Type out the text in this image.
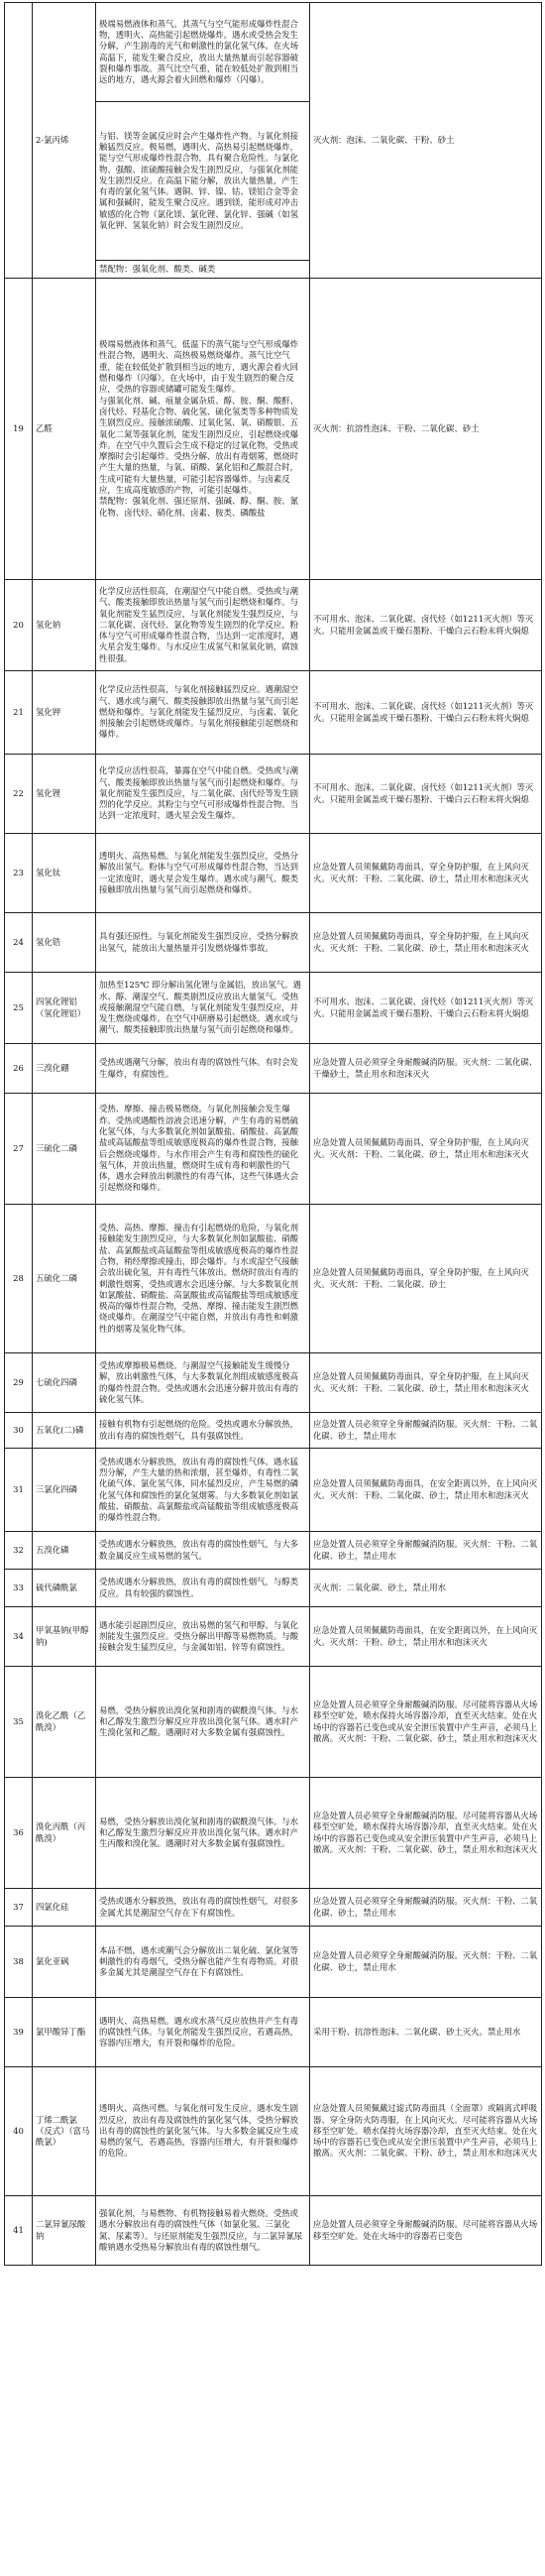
	2-氯丙烯	极端易燃液体和蒸气。其蒸气与空气能形成爆炸性混合物，透明火、高热能引起燃烧爆炸。遇水或受热会发生分解，产生剧毒的光气和刺激性的氯化氢气体。在火场高温下，能发生聚合反应，放出大量热量而引起容器破裂和爆炸事故。蒸气比空气重，能在较低处扩散到相当远的地方，遇火源会着火回燃和爆炸（闪爆）。	灭火剂：泡沫、二氧化碳、干粉、砂土
		与铝、镁等金属反应时会产生爆炸性产物。与氧化剂接触猛烈反应。极易燃，遇明火、高热易引起燃烧爆炸，能与空气形成爆炸性混合物，具有聚合危险性。与氯化物、强酸、浓硫酸接触会发生剧烈反应，与强氧化剂能发生剧烈反应。在高温下能分解，放出大量热量，产生有毒的氯化氢气体。遇铜、锌、镍、钴、镁铝合金等金属和强碱时，能发生聚合反应。遇到镁，能形成对冲击敏感的化合物（氯化镁、氯化锂、氯化锌、强碱（如氢氧化钾、氢氧化钠）时会发生剧烈反应。	
		禁配物：强氧化剂、酸类、碱类	
19	乙醛	极端易燃液体和蒸气。低温下的蒸气能与空气形成爆炸性混合物，遇明火、高热极易燃烧爆炸。蒸气比空气重，能在较低处扩散到相当远的地方，遇火源会着火回燃和爆炸（闪爆）。在火场中，由于发生剧烈的聚合反应，受热的容器或储罐可能发生爆炸。
与强氧化剂、碱、痕量金属杂质、醇、胺、酮、酸酐、卤代烃、羟基化合物、硫化氢、硫化氢类等多种物质发生剧烈反应。接触浓硫酸、过氧化氢、氧、硝酸银、五氧化二氮等强氧化剂，能发生剧烈反应，引起燃烧或爆炸。在空气中久置后会生成不稳定的过氧化物，受热或摩擦时会引起爆炸。受热分解、放出有毒烟雾，燃烧时产生大量的热量，与氧、硝酸、氯化铝和乙酸混合时，生成可能有大量热量，可能引起容器爆炸。与卤素反应，生成高度敏感的产物，可能引起爆炸。
禁配物：强氧化剂、强还原剂、强碱、醇、酮、胺、氰化物、卤代烃、硝化剂、卤素、胺类、磷酸盐	灭火剂：抗溶性泡沫、干粉、二氧化碳、砂土
20	氢化钠	化学反应活性很高，在潮湿空气中能自燃。受热或与潮气、酸类接触即放出热量与氢气而引起燃烧和爆炸。与氧化剂能发生猛烈反应，与氧化剂能发生强烈反应，与二氧化碳、卤代烃、氯化物等发生剧烈的化学反应。粉体与空气可形成爆炸性混合物，当达到一定浓度时，遇火星会发生爆炸。与水反应生成氢气和氢氧化钠，腐蚀性很强。	不可用水、泡沫、二氧化碳、卤代烃（如1211灭火剂）等灭火。只能用金属盖或干燥石墨粉、干燥白云石粉末将火焖熄
21	氢化钾	化学反应活性很高，与氧化剂接触猛烈反应。遇潮湿空气、遇水或与潮气、酸类接触即放出热量与氢气而引起燃烧和爆炸。与氧化剂能发生猛烈反应，与卤素、氧化剂接触会引起燃烧或爆炸。与氧化剂接触能引起燃烧和爆炸。	不可用水、泡沫、二氧化碳、卤代烃（如1211灭火剂）等灭火。只能用金属盖或干燥石墨粉、干燥白云石粉末将火焖熄
22	氢化锂	化学反应活性很高，暴露在空气中能自燃。受热或与潮气、酸类接触即放出热量与氢气而引起燃烧和爆炸。与氧化剂能发生强烈反应，与二氧化碳、卤代烃等发生剧烈的化学反应。其粉尘与空气可形成爆炸性混合物。当达到一定浓度时，遇火星会发生爆炸。	不可用水、泡沫、二氧化碳、卤代烃（如1211灭火剂）等灭火。只能用金属盖或干燥石墨粉、干燥白云石粉末将火焖熄
23	氢化钛	透明火、高热易燃。与氧化剂能发生强烈反应，受热分解放出氢气。粉体与空气可形成爆炸性混合物，当达到一定浓度时，遇火星会发生爆炸。遇水或与潮气、酸类接触即放出热量与氢气而引起燃烧和爆炸。	应急处置人员须佩戴防毒面具，穿全身防护服，在上风向灭火。灭火剂：干粉、二氧化碳、砂土，禁止用水和泡沫灭火
24	氢化锆	具有强还原性。与氧化剂能发生强烈反应，受热分解放出氢气，能放出大量热量并引发燃烧爆炸事故。	应急处置人员须佩戴防毒面具，穿全身防护服，在上风向灭火。灭火剂：干粉、二氧化碳、砂土，禁止用水和泡沫灭火
25	四氢化锂铝（氢化锂铝）	加热至125℃ 即分解出氢化锂与金属铝，放出氢气。遇水、醇、潮湿空气、酸类剧烈反应放出大量氢气。受热或接触潮湿空气能自燃，与氧化剂能发生强烈反应，并发生燃烧或爆炸。在空气中研磨易引起燃烧。遇水或与潮气、酸类接触即放出热量与氢气而引起燃烧和爆炸。	不可用水、泡沫、二氧化碳、卤代烃（如1211灭火剂）等灭火。只能用金属盖或干燥石墨粉、干燥白云石粉末将火焖熄
26	三溴化硼	受热或遇潮气分解，放出有毒的腐蚀性气体。有时会发生爆炸，有腐蚀性。	应急处置人员必须穿全身耐酸碱消防服。灭火剂：二氧化碳、干燥砂土，禁止用水和泡沫灭火
27	三硫化二磷	受热、摩擦、撞击极易燃烧。与氧化剂接触会发生爆炸。受热或遇酸性溶液会迅速分解，产生有毒的易燃硫化氢气体，与大多数氧化剂如氯酸盐、硝酸盐、高氯酸盐或高锰酸盐等组成敏感度极高的爆炸性混合物，接触后会燃烧或爆炸。与水作用会产生有毒和腐蚀性的硫化氢气体，并放出热量，燃烧时生成有毒和刺激性的气体，遇水会释放出刺激性的有毒气体，这些气体遇火会引起燃烧和爆炸。	应急处置人员须佩戴防毒面具，穿全身防护服，在上风向灭火。灭火剂：干粉、二氧化碳、砂土，禁止用水和泡沫灭火
28	五硫化二磷	受热、高热、摩擦、撞击有引起燃烧的危险，与氧化剂接触能发生剧烈反应，与大多数氧化剂如氯酸盐、硝酸盐、高氯酸盐或高锰酸盐等组成敏感度极高的爆炸性混合物，稍经摩擦或撞击，即会爆炸。与水或湿空气接触会放出硫化氢，并有毒性气体放出。燃烧时放出有毒的刺激性烟雾，受热或遇水会迅速分解。与大多数氧化剂如氯酸盐、硝酸盐、高氯酸盐或高锰酸盐等组成敏感度极高的爆炸性混合物，受热、摩擦、撞击能发生剧烈燃烧或爆炸。在潮湿空气中能自燃，并放出有毒性和刺激性的烟雾及氢化物气体。	应急处置人员须佩戴防毒面具，穿全身防护服，在上风向灭火。灭火剂：干粉、二氧化碳、砂土
29	七硫化四磷	受热或摩擦极易燃烧。与潮湿空气接触能发生缓慢分解，放出刺激性气体，与大多数氧化剂组成敏感度极高的爆炸性混合物。受热或遇水会迅速分解并放出有毒的硫化氢气体。	应急处置人员须佩戴防毒面具，穿全身防护服，在上风向灭火。灭火剂：干粉、二氧化碳、砂土，禁止用水和泡沫灭火
30	五氧化(二)磷	接触有机物有引起燃烧的危险。受热或遇水分解放热，放出有毒的腐蚀性烟气，具有强腐蚀性。	应急处置人员必须穿全身耐酸碱消防服。灭火剂：干粉、二氧化碳、砂土，禁止用水
31	三氯化四磷	受热或遇水分解放热，放出有毒的腐蚀性气体。遇水猛烈分解，产生大量的热和浓烟，甚至爆炸，有毒性二氧化硫气体、氯化氢气体，同水猛烈反应，产生易燃的磷化氢气体和腐蚀性的氯化氢烟雾。与大多数氧化剂如氯酸盐、硝酸盐、高氯酸盐或高锰酸盐等组成敏感度极高的爆炸性混合物。	应急处置人员须佩戴防毒面具，在安全距离以外，在上风向灭火。灭火剂：干粉、二氧化碳、砂土，禁止用水和泡沫灭火
32	五溴化磷	受热或遇水分解放热，放出有毒的腐蚀性烟气，与大多数金属反应生成易燃的氢气。	应急处置人员必须穿全身耐酸碱消防服。灭火剂：干粉、二氧化碳、砂土，禁止用水
33	硫代磷酰氯	受热或遇水分解放热，放出有毒的腐蚀性烟气，与醇类反应。具有较强的腐蚀性。	灭火剂：二氧化碳、砂土，禁止用水
34	甲氧基钠(甲醇钠)	遇水能引起剧烈反应，放出易燃的氢气和甲醇。与氧化剂能发生强烈反应。受热分解出甲醇等易燃物质。与酸接触会发生猛烈反应，与金属如铝、锌等有腐蚀性。	应急处置人员须佩戴防毒面具，在安全距离以外，在上风向灭火。灭火剂：干粉、砂土，禁止用水和泡沫灭火
35	溴化乙酰（乙酰溴）	易燃，受热分解放出溴化氢和剧毒的碳酰溴气体。与水和乙醇发生激烈分解反应并放出溴化氢气体。遇水时产生溴化氢和乙酸。遇潮时对大多数金属有强腐蚀性。	应急处置人员必须穿全身耐酸碱消防服。尽可能将容器从火场移至空旷处，喷水保持火场容器冷却，直至灭火结束。处在火场中的容器若已变色或从安全泄压装置中产生声音，必须马上撤离。灭火剂：干粉、二氧化碳、砂土，禁止用水和泡沫灭火
36	溴化丙酰（丙酰溴）	易燃，受热分解放出溴化氢和剧毒的碳酰溴气体。与水和乙醇发生激烈分解反应并放出溴化氢气体。遇水时产生丙酸和溴化氢。遇潮时对大多数金属有强腐蚀性。	应急处置人员必须穿全身耐酸碱消防服。尽可能将容器从火场移至空旷处，喷水保持火场容器冷却，直至灭火结束。处在火场中的容器若已变色或从安全泄压装置中产生声音，必须马上撤离。灭火剂：干粉、二氧化碳、砂土，禁止用水和泡沫灭火
37	四氯化硅	受热或遇水分解放热，放出有毒的腐蚀性烟气，对很多金属尤其是潮湿空气存在下有腐蚀性。	应急处置人员必须穿全身耐酸碱消防服。灭火剂：干粉、二氧化碳、砂土，禁止用水
38	氯化亚砜	本品不燃，遇水或潮气会分解放出二氧化硫、氯化氢等刺激性的有毒烟气，受热分解也能产生有毒物质。对很多金属尤其是潮湿空气存在下有腐蚀性。	应急处置人员必须穿全身耐酸碱消防服。灭火剂：干粉、二氧化碳、砂土，禁止用水
39	氯甲酸异丁酯	遇明火、高热易燃。遇水或水蒸气反应放热并产生有毒的腐蚀性气体。与氧化剂能发生强烈反应，若遇高热，容器内压增大，有开裂和爆炸的危险。	采用干粉、抗溶性泡沫、二氧化碳、砂土灭火。禁止用水
40	丁烯二酰氯（反式）（富马酰氯）	透明火、高热可燃。与氧化剂可发生反应，遇水发生剧烈反应，放出有毒及腐蚀性的氯化氢气体，受热分解放出有毒的腐蚀性的氯化氢气体。与大多数金属反应生成易燃的氢气，若遇高热，容器内压增大，有开裂和爆炸的危险。	应急处置人员须佩戴过滤式防毒面具（全面罩）或隔离式呼吸器、穿全身防火防毒服，在上风向灭火。尽可能将容器从火场移至空旷处。喷水保持火场容器冷却，直至灭火结束。处在火场中的容器若已变色或从安全泄压装置中产生声音，必须马上撤离。灭火剂：二氧化碳、干粉、砂土，禁止用水和泡沫灭火
41	二氯异氰尿酸钠	强氧化剂，与易燃物、有机物接触易着火燃烧。受热或遇水分解放出有毒的腐蚀性气体（如氯化氢、三氯化氮、尿素等）。与还原剂能发生强烈反应，与二氯异氰尿酸钠遇水受热易分解放出有毒的腐蚀性烟气。	应急处置人员必须穿全身耐酸碱消防服。尽可能将容器从火场移至空旷处。处在火场中的容器若已变色
